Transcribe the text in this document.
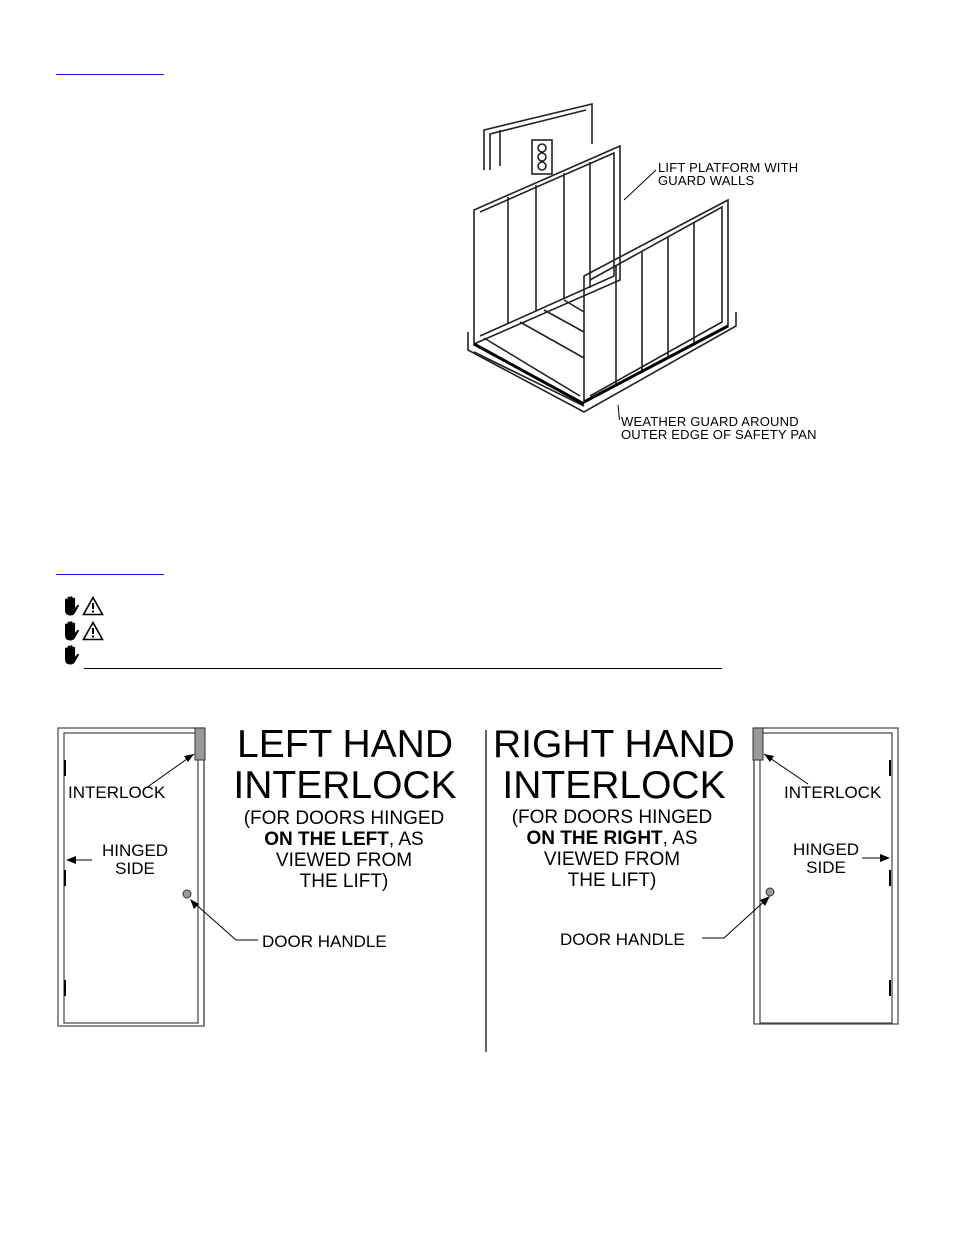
LIFT PLATFORM WITH
GUARD WALLS
WEATHER GUARD AROUND
OUTER EDGE OF SAFETY PAN
LEFT HAND
INTERLOCK
(FOR DOORS HINGED
ON THE LEFT, AS
VIEWED FROM
THE LIFT)
INTERLOCK
HINGED
SIDE
DOOR HANDLE
RIGHT HAND
INTERLOCK
(FOR DOORS HINGED
ON THE RIGHT, AS
VIEWED FROM
THE LIFT)
INTERLOCK
HINGED
SIDE
DOOR HANDLE
